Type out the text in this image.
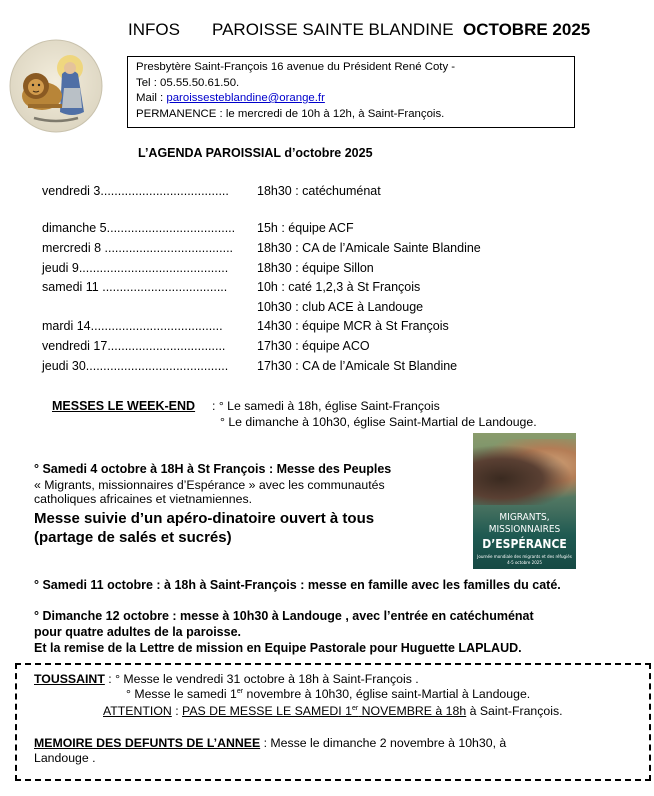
INFOS PAROISSE SAINTE BLANDINE OCTOBRE 2025
Presbytère Saint-François 16 avenue du Président René Coty -
Tel : 05.55.50.61.50.
Mail : paroissesteblandine@orange.fr
PERMANENCE : le mercredi de 10h à 12h, à Saint-François.
L’AGENDA PAROISSIAL d’octobre 2025
vendredi 3..................................... 18h30 : catéchuménat
dimanche 5..................................... 15h : équipe ACF
mercredi 8 ..................................... 18h30 : CA de l’Amicale Sainte Blandine
jeudi 9........................................... 18h30 : équipe Sillon
samedi 11 .................................... 10h : caté 1,2,3 à St François
10h30 : club ACE à Landouge
mardi 14......................................	14h30 : équipe MCR à St François
vendredi 17..................................	17h30 : équipe ACO
jeudi 30......................................... 17h30 : CA de l’Amicale St Blandine
MESSES LE WEEK-END : ° Le samedi à 18h, église Saint-François
° Le dimanche à 10h30, église Saint-Martial de Landouge.
° Samedi 4 octobre à 18H à St François : Messe des Peuples
« Migrants, missionnaires d’Espérance » avec les communautés
catholiques africaines et vietnamiennes.
Messe suivie d’un apéro-dinatoire ouvert à tous
(partage de salés et sucrés)
MIGRANTS,
MISSIONNAIRES
D’ESPÉRANCE
Journée mondiale des migrants et des réfugiés
4-5 octobre 2025
° Samedi 11 octobre : à 18h à Saint-François : messe en famille avec les familles du caté.
° Dimanche 12 octobre : messe à 10h30 à Landouge , avec l’entrée en catéchuménat
pour quatre adultes de la paroisse.
Et la remise de la Lettre de mission en Equipe Pastorale pour Huguette LAPLAUD.
TOUSSAINT : ° Messe le vendredi 31 octobre à 18h à Saint-François .
° Messe le samedi 1er novembre à 10h30, église saint-Martial à Landouge.
ATTENTION : PAS DE MESSE LE SAMEDI 1er NOVEMBRE à 18h à Saint-François.
MEMOIRE DES DEFUNTS DE L’ANNEE : Messe le dimanche 2 novembre à 10h30, à
Landouge .
